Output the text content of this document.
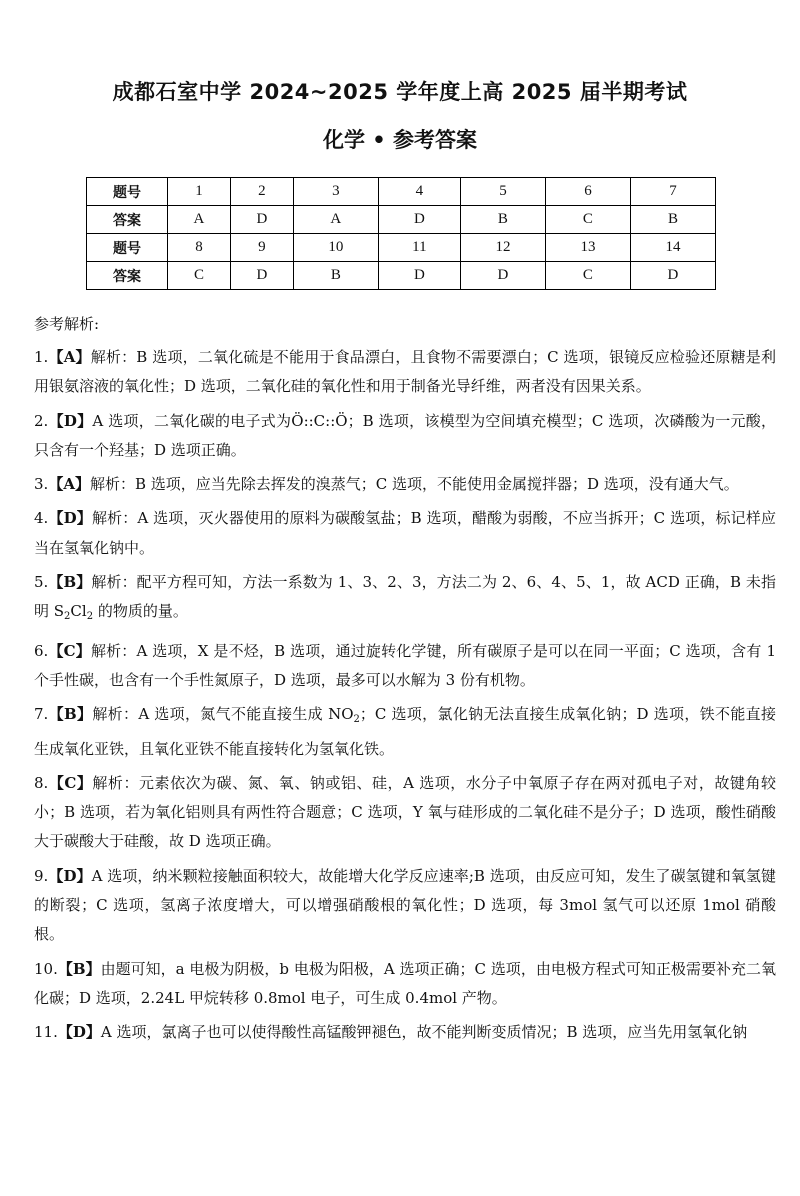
成都石室中学 2024~2025 学年度上高 2025 届半期考试
化学 • 参考答案
题号	1	2	3	4	5	6	7
答案	A	D	A	D	B	C	B
题号	8	9	10	11	12	13	14
答案	C	D	B	D	D	C	D
参考解析:

1.【A】解析：B 选项，二氧化硫是不能用于食品漂白，且食物不需要漂白；C 选项，银镜反应检验还原糖是利用银氨溶液的氧化性；D 选项，二氧化硅的氧化性和用于制备光导纤维，两者没有因果关系。

2.【D】A 选项，二氧化碳的电子式为Ö::C::Ö；B 选项，该模型为空间填充模型；C 选项，次磷酸为一元酸，只含有一个羟基；D 选项正确。

3.【A】解析：B 选项，应当先除去挥发的溴蒸气；C 选项，不能使用金属搅拌器；D 选项，没有通大气。

4.【D】解析：A 选项，灭火器使用的原料为碳酸氢盐；B 选项，醋酸为弱酸，不应当拆开；C 选项，标记样应当在氢氧化钠中。

5.【B】解析：配平方程可知，方法一系数为 1、3、2、3，方法二为 2、6、4、5、1，故 ACD 正确，B 未指明 $S_2Cl_2$ 的物质的量。

6.【C】解析：A 选项，X 是不烃，B 选项，通过旋转化学键，所有碳原子是可以在同一平面；C 选项，含有 1 个手性碳，也含有一个手性氮原子，D 选项，最多可以水解为 3 份有机物。

7.【B】解析：A 选项，氮气不能直接生成 $NO_2$；C 选项，氯化钠无法直接生成氧化钠；D 选项，铁不能直接生成氧化亚铁，且氧化亚铁不能直接转化为氢氧化铁。

8.【C】解析：元素依次为碳、氮、氧、钠或铝、硅，A 选项，水分子中氧原子存在两对孤电子对，故键角较小；B 选项，若为氧化铝则具有两性符合题意；C 选项，Y 氧与硅形成的二氧化硅不是分子；D 选项，酸性硝酸大于碳酸大于硅酸，故 D 选项正确。

9.【D】A 选项，纳米颗粒接触面积较大，故能增大化学反应速率;B 选项，由反应可知，发生了碳氢键和氧氢键的断裂；C 选项，氢离子浓度增大，可以增强硝酸根的氧化性；D 选项，每 3mol 氢气可以还原 1mol 硝酸根。

10.【B】由题可知，a 电极为阴极，b 电极为阳极，A 选项正确；C 选项，由电极方程式可知正极需要补充二氧化碳；D 选项，2.24L 甲烷转移 0.8mol 电子，可生成 0.4mol 产物。

11.【D】A 选项，氯离子也可以使得酸性高锰酸钾褪色，故不能判断变质情况；B 选项，应当先用氢氧化钠
